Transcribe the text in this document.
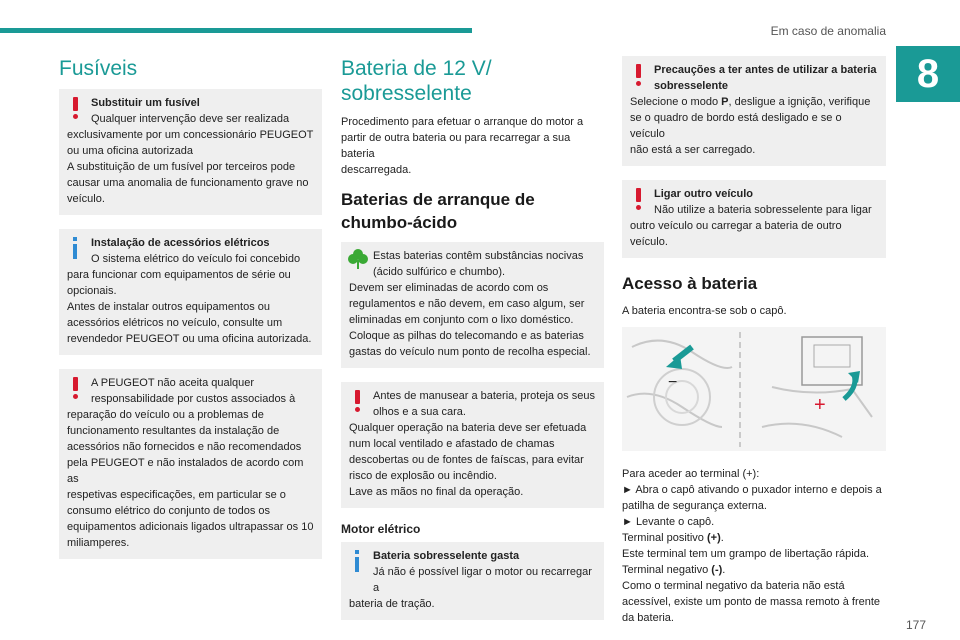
Em caso de anomalia
8
177
Fusíveis
Substituir um fusível
Qualquer intervenção deve ser realizada
exclusivamente por um concessionário PEUGEOT
ou uma oficina autorizada
A substituição de um fusível por terceiros pode
causar uma anomalia de funcionamento grave no
veículo.
Instalação de acessórios elétricos
O sistema elétrico do veículo foi concebido
para funcionar com equipamentos de série ou
opcionais.
Antes de instalar outros equipamentos ou
acessórios elétricos no veículo, consulte um
revendedor PEUGEOT ou uma oficina autorizada.
A PEUGEOT não aceita qualquer
responsabilidade por custos associados à
reparação do veículo ou a problemas de
funcionamento resultantes da instalação de
acessórios não fornecidos e não recomendados
pela PEUGEOT e não instalados de acordo com as
respetivas especificações, em particular se o
consumo elétrico do conjunto de todos os
equipamentos adicionais ligados ultrapassar os 10
miliamperes.
Bateria de 12 V/
sobresselente

Procedimento para efetuar o arranque do motor a
partir de outra bateria ou para recarregar a sua bateria
descarregada.

Baterias de arranque de
chumbo-ácido
Estas baterias contêm substâncias nocivas
(ácido sulfúrico e chumbo).
Devem ser eliminadas de acordo com os
regulamentos e não devem, em caso algum, ser
eliminadas em conjunto com o lixo doméstico.
Coloque as pilhas do telecomando e as baterias
gastas do veículo num ponto de recolha especial.
Antes de manusear a bateria, proteja os seus
olhos e a sua cara.
Qualquer operação na bateria deve ser efetuada
num local ventilado e afastado de chamas
descobertas ou de fontes de faíscas, para evitar
risco de explosão ou incêndio.
Lave as mãos no final da operação.
Motor elétrico
Bateria sobresselente gasta
Já não é possível ligar o motor ou recarregar a
bateria de tração.
Precauções a ter antes de utilizar a bateria
sobresselente
Selecione o modo P, desligue a ignição, verifique
se o quadro de bordo está desligado e se o veículo
não está a ser carregado.
Ligar outro veículo
Não utilize a bateria sobresselente para ligar
outro veículo ou carregar a bateria de outro veículo.
Acesso à bateria

A bateria encontra-se sob o capô.

−
+

Para aceder ao terminal (+):
► Abra o capô ativando o puxador interno e depois a
patilha de segurança externa.
► Levante o capô.
Terminal positivo (+).
Este terminal tem um grampo de libertação rápida.
Terminal negativo (-).
Como o terminal negativo da bateria não está
acessível, existe um ponto de massa remoto à frente
da bateria.
